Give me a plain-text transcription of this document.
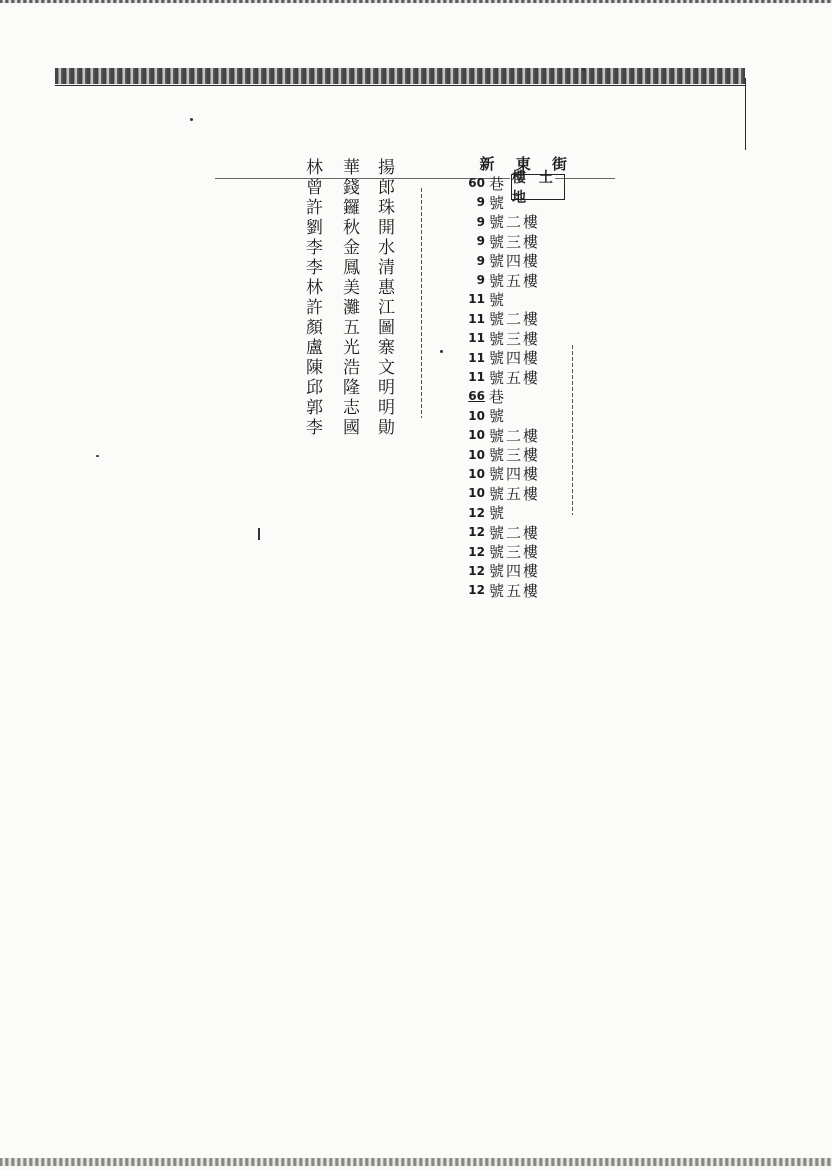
揚郎珠開水清惠江圖寨文明明勛
華錢鑼秋金鳳美灘五光浩隆志國
林曾許劉李李林許顏盧陳邱郭李	新 東 街
60 巷
9 號
9 號二樓
9 號三樓
9 號四樓
9 號五樓
11 號
11 號二樓
11 號三樓
11 號四樓
11 號五樓
66 巷
10 號
10 號二樓
10 號三樓
10 號四樓
10 號五樓
12 號
12 號二樓
12 號三樓
12 號四樓
12 號五樓
樓 土 地
